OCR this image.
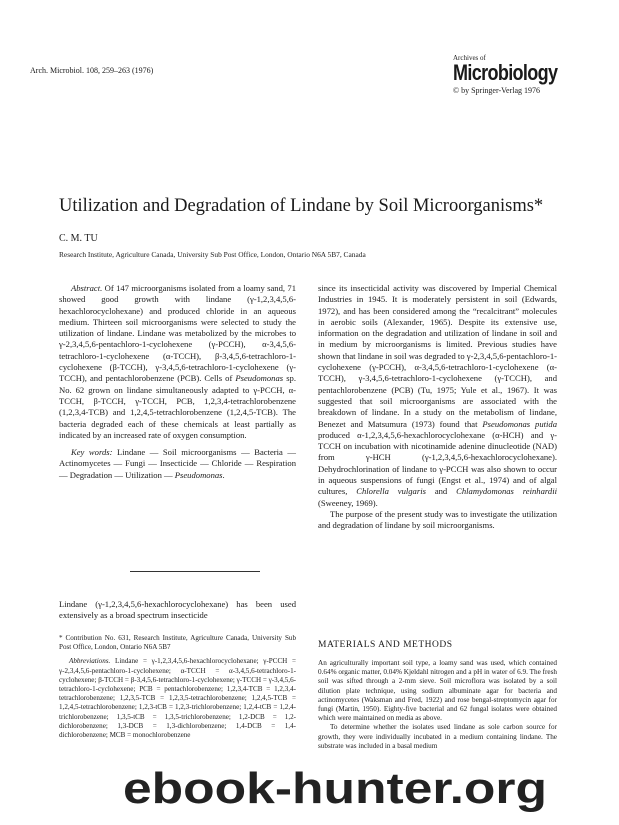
Arch. Microbiol. 108, 259–263 (1976)
Archives of
Microbiology
© by Springer-Verlag 1976
Utilization and Degradation of Lindane by Soil Microorganisms*
C. M. TU
Research Institute, Agriculture Canada, University Sub Post Office, London, Ontario N6A 5B7, Canada

Abstract. Of 147 microorganisms isolated from a loamy sand, 71 showed good growth with lindane (γ-1,2,3,4,5,6-hexachlorocyclohexane) and produced chloride in an aqueous medium. Thirteen soil microorganisms were selected to study the utilization of lindane. Lindane was metabolized by the microbes to γ-2,3,4,5,6-pentachloro-1-cyclohexene (γ-PCCH), α-3,4,5,6-tetrachloro-1-cyclohexene (α-TCCH), β-3,4,5,6-tetrachloro-1-cyclohexene (β-TCCH), γ-3,4,5,6-tetrachloro-1-cyclohexene (γ-TCCH), and pentachlorobenzene (PCB). Cells of Pseudomonas sp. No. 62 grown on lindane simultaneously adapted to γ-PCCH, α-TCCH, β-TCCH, γ-TCCH, PCB, 1,2,3,4-tetrachlorobenzene (1,2,3,4-TCB) and 1,2,4,5-tetrachlorobenzene (1,2,4,5-TCB). The bacteria degraded each of these chemicals at least partially as indicated by an increased rate of oxygen consumption.

Key words: Lindane — Soil microorganisms — Bacteria — Actinomycetes — Fungi — Insecticide — Chloride — Respiration — Degradation — Utilization — Pseudomonas.

Lindane (γ-1,2,3,4,5,6-hexachlorocyclohexane) has been used extensively as a broad spectrum insecticide

* Contribution No. 631, Research Institute, Agriculture Canada, University Sub Post Office, London, Ontario N6A 5B7

Abbreviations. Lindane = γ-1,2,3,4,5,6-hexachlorocyclohexane; γ-PCCH = γ-2,3,4,5,6-pentachloro-1-cyclohexene; α-TCCH = α-3,4,5,6-tetrachloro-1-cyclohexene; β-TCCH = β-3,4,5,6-tetrachloro-1-cyclohexene; γ-TCCH = γ-3,4,5,6-tetrachloro-1-cyclohexene; PCB = pentachlorobenzene; 1,2,3,4-TCB = 1,2,3,4-tetrachlorobenzene; 1,2,3,5-TCB = 1,2,3,5-tetrachlorobenzene; 1,2,4,5-TCB = 1,2,4,5-tetrachlorobenzene; 1,2,3-tCB = 1,2,3-trichlorobenzene; 1,2,4-tCB = 1,2,4-trichlorobenzene; 1,3,5-tCB = 1,3,5-trichlorobenzene; 1,2-DCB = 1,2-dichlorobenzene; 1,3-DCB = 1,3-dichlorobenzene; 1,4-DCB = 1,4-dichlorobenzene; MCB = monochlorobenzene

since its insecticidal activity was discovered by Imperial Chemical Industries in 1945. It is moderately persistent in soil (Edwards, 1972), and has been considered among the “recalcitrant” molecules in aerobic soils (Alexander, 1965). Despite its extensive use, information on the degradation and utilization of lindane in soil and in medium by microorganisms is limited. Previous studies have shown that lindane in soil was degraded to γ-2,3,4,5,6-pentachloro-1-cyclohexene (γ-PCCH), α-3,4,5,6-tetrachloro-1-cyclohexene (α-TCCH), γ-3,4,5,6-tetrachloro-1-cyclohexene (γ-TCCH), and pentachlorobenzene (PCB) (Tu, 1975; Yule et al., 1967). It was suggested that soil microorganisms are associated with the breakdown of lindane. In a study on the metabolism of lindane, Benezet and Matsumura (1973) found that Pseudomonas putida produced α-1,2,3,4,5,6-hexachlorocyclohexane (α-HCH) and γ-TCCH on incubation with nicotinamide adenine dinucleotide (NAD) from γ-HCH (γ-1,2,3,4,5,6-hexachlorocyclohexane). Dehydrochlorination of lindane to γ-PCCH was also shown to occur in aqueous suspensions of fungi (Engst et al., 1974) and of algal cultures, Chlorella vulgaris and Chlamydomonas reinhardii (Sweeney, 1969).

The purpose of the present study was to investigate the utilization and degradation of lindane by soil microorganisms.

MATERIALS AND METHODS

An agriculturally important soil type, a loamy sand was used, which contained 0.64% organic matter, 0.04% Kjeldahl nitrogen and a pH in water of 6.9. The fresh soil was sifted through a 2-mm sieve. Soil microflora was isolated by a soil dilution plate technique, using sodium albuminate agar for bacteria and actinomycetes (Waksman and Fred, 1922) and rose bengal-streptomycin agar for fungi (Martin, 1950). Eighty-five bacterial and 62 fungal isolates were obtained which were maintained on media as above.

To determine whether the isolates used lindane as sole carbon source for growth, they were individually incubated in a medium containing lindane. The substrate was included in a basal medium

ebook-hunter.org
